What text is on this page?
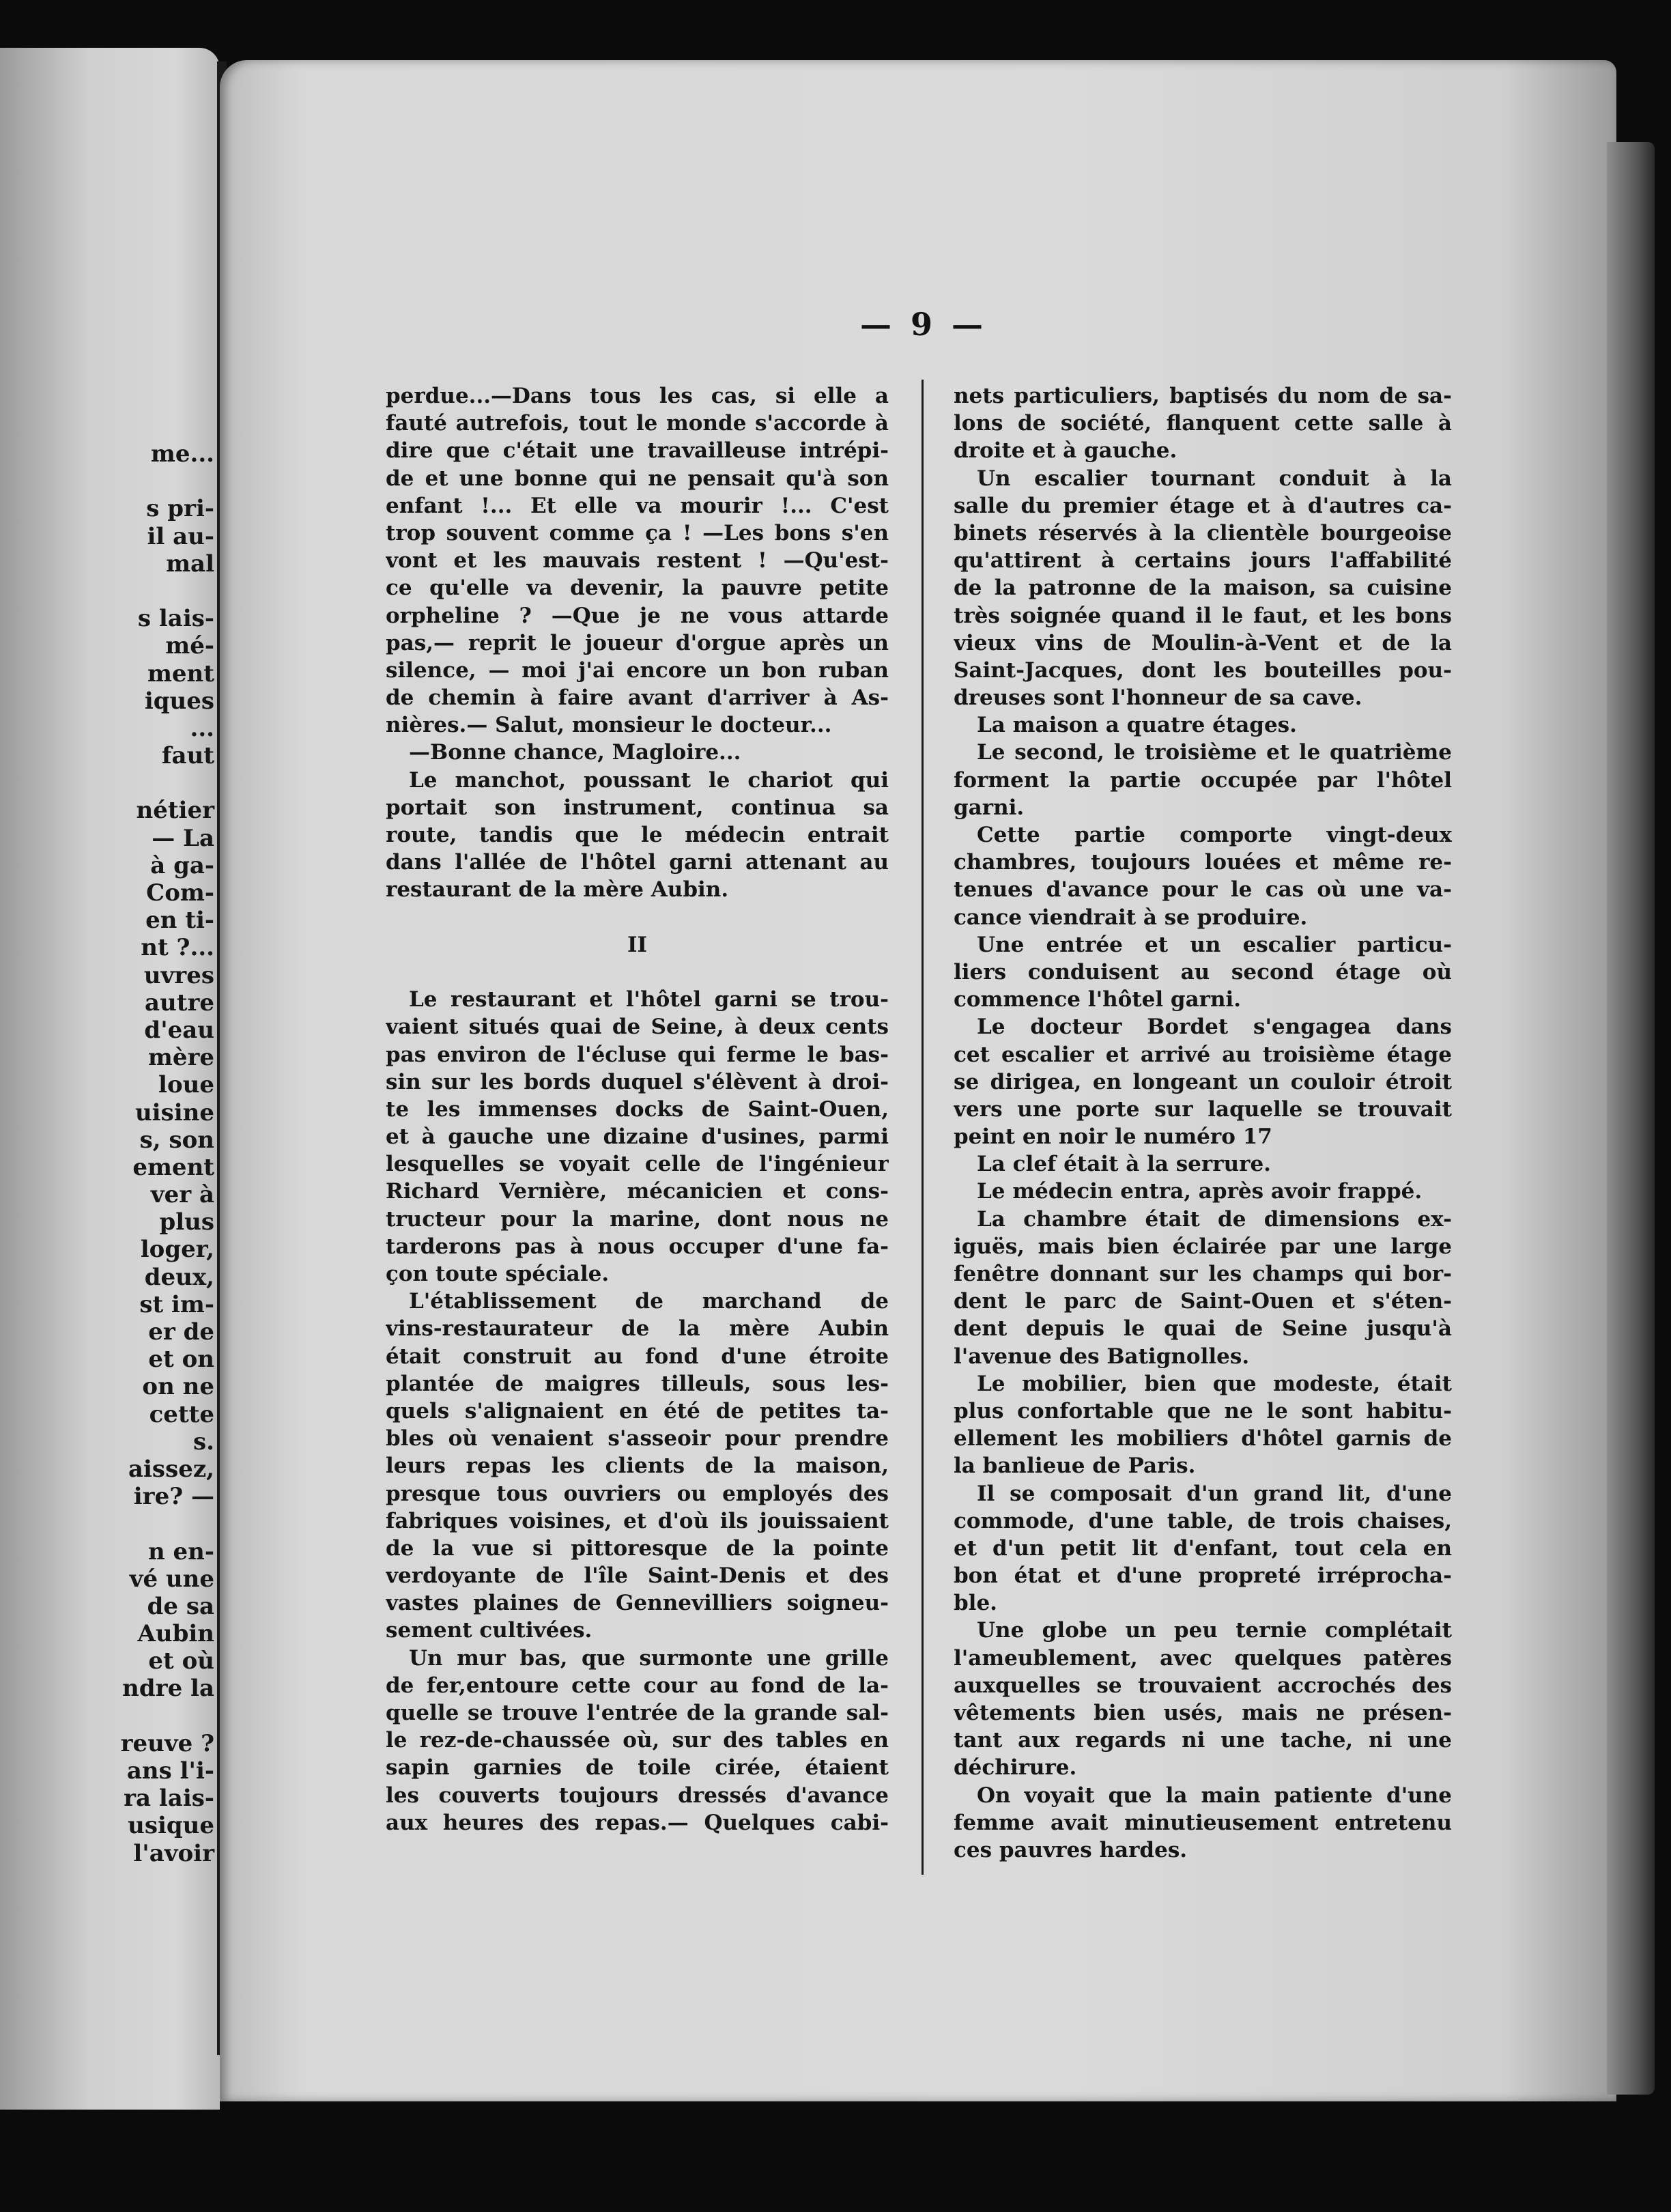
me...
s pri-
il au-
mal
s lais-
mé-
ment
iques
...
faut
nétier
— La
à ga-
Com-
en ti-
nt ?...
uvres
autre
d'eau
mère
loue
uisine
s, son
ement
ver à
plus
loger,
deux,
st im-
er de
et on
on ne
cette
s.
aissez,
ire? —
n en-
vé une
de sa
Aubin
et où
ndre la
reuve ?
ans l'i-
ra lais-
usique
l'avoir
— 9 —
perdue...—Dans tous les cas, si elle a
fauté autrefois, tout le monde s'accorde à
dire que c'était une travailleuse intrépi-
de et une bonne qui ne pensait qu'à son
enfant !... Et elle va mourir !... C'est
trop souvent comme ça ! —Les bons s'en
vont et les mauvais restent ! —Qu'est-
ce qu'elle va devenir, la pauvre petite
orpheline ? —Que je ne vous attarde
pas,— reprit le joueur d'orgue après un
silence, — moi j'ai encore un bon ruban
de chemin à faire avant d'arriver à As-
nières.— Salut, monsieur le docteur...
—Bonne chance, Magloire...
Le manchot, poussant le chariot qui
portait son instrument, continua sa
route, tandis que le médecin entrait
dans l'allée de l'hôtel garni attenant au
restaurant de la mère Aubin.
II
Le restaurant et l'hôtel garni se trou-
vaient situés quai de Seine, à deux cents
pas environ de l'écluse qui ferme le bas-
sin sur les bords duquel s'élèvent à droi-
te les immenses docks de Saint-Ouen,
et à gauche une dizaine d'usines, parmi
lesquelles se voyait celle de l'ingénieur
Richard Vernière, mécanicien et cons-
tructeur pour la marine, dont nous ne
tarderons pas à nous occuper d'une fa-
çon toute spéciale.
L'établissement de marchand de
vins-restaurateur de la mère Aubin
était construit au fond d'une étroite
plantée de maigres tilleuls, sous les-
quels s'alignaient en été de petites ta-
bles où venaient s'asseoir pour prendre
leurs repas les clients de la maison,
presque tous ouvriers ou employés des
fabriques voisines, et d'où ils jouissaient
de la vue si pittoresque de la pointe
verdoyante de l'île Saint-Denis et des
vastes plaines de Gennevilliers soigneu-
sement cultivées.
Un mur bas, que surmonte une grille
de fer,entoure cette cour au fond de la-
quelle se trouve l'entrée de la grande sal-
le rez-de-chaussée où, sur des tables en
sapin garnies de toile cirée, étaient
les couverts toujours dressés d'avance
aux heures des repas.— Quelques cabi-
nets particuliers, baptisés du nom de sa-
lons de société, flanquent cette salle à
droite et à gauche.
Un escalier tournant conduit à la
salle du premier étage et à d'autres ca-
binets réservés à la clientèle bourgeoise
qu'attirent à certains jours l'affabilité
de la patronne de la maison, sa cuisine
très soignée quand il le faut, et les bons
vieux vins de Moulin-à-Vent et de la
Saint-Jacques, dont les bouteilles pou-
dreuses sont l'honneur de sa cave.
La maison a quatre étages.
Le second, le troisième et le quatrième
forment la partie occupée par l'hôtel
garni.
Cette partie comporte vingt-deux
chambres, toujours louées et même re-
tenues d'avance pour le cas où une va-
cance viendrait à se produire.
Une entrée et un escalier particu-
liers conduisent au second étage où
commence l'hôtel garni.
Le docteur Bordet s'engagea dans
cet escalier et arrivé au troisième étage
se dirigea, en longeant un couloir étroit
vers une porte sur laquelle se trouvait
peint en noir le numéro 17
La clef était à la serrure.
Le médecin entra, après avoir frappé.
La chambre était de dimensions ex-
iguës, mais bien éclairée par une large
fenêtre donnant sur les champs qui bor-
dent le parc de Saint-Ouen et s'éten-
dent depuis le quai de Seine jusqu'à
l'avenue des Batignolles.
Le mobilier, bien que modeste, était
plus confortable que ne le sont habitu-
ellement les mobiliers d'hôtel garnis de
la banlieue de Paris.
Il se composait d'un grand lit, d'une
commode, d'une table, de trois chaises,
et d'un petit lit d'enfant, tout cela en
bon état et d'une propreté irréprocha-
ble.
Une globe un peu ternie complétait
l'ameublement, avec quelques patères
auxquelles se trouvaient accrochés des
vêtements bien usés, mais ne présen-
tant aux regards ni une tache, ni une
déchirure.
On voyait que la main patiente d'une
femme avait minutieusement entretenu
ces pauvres hardes.
